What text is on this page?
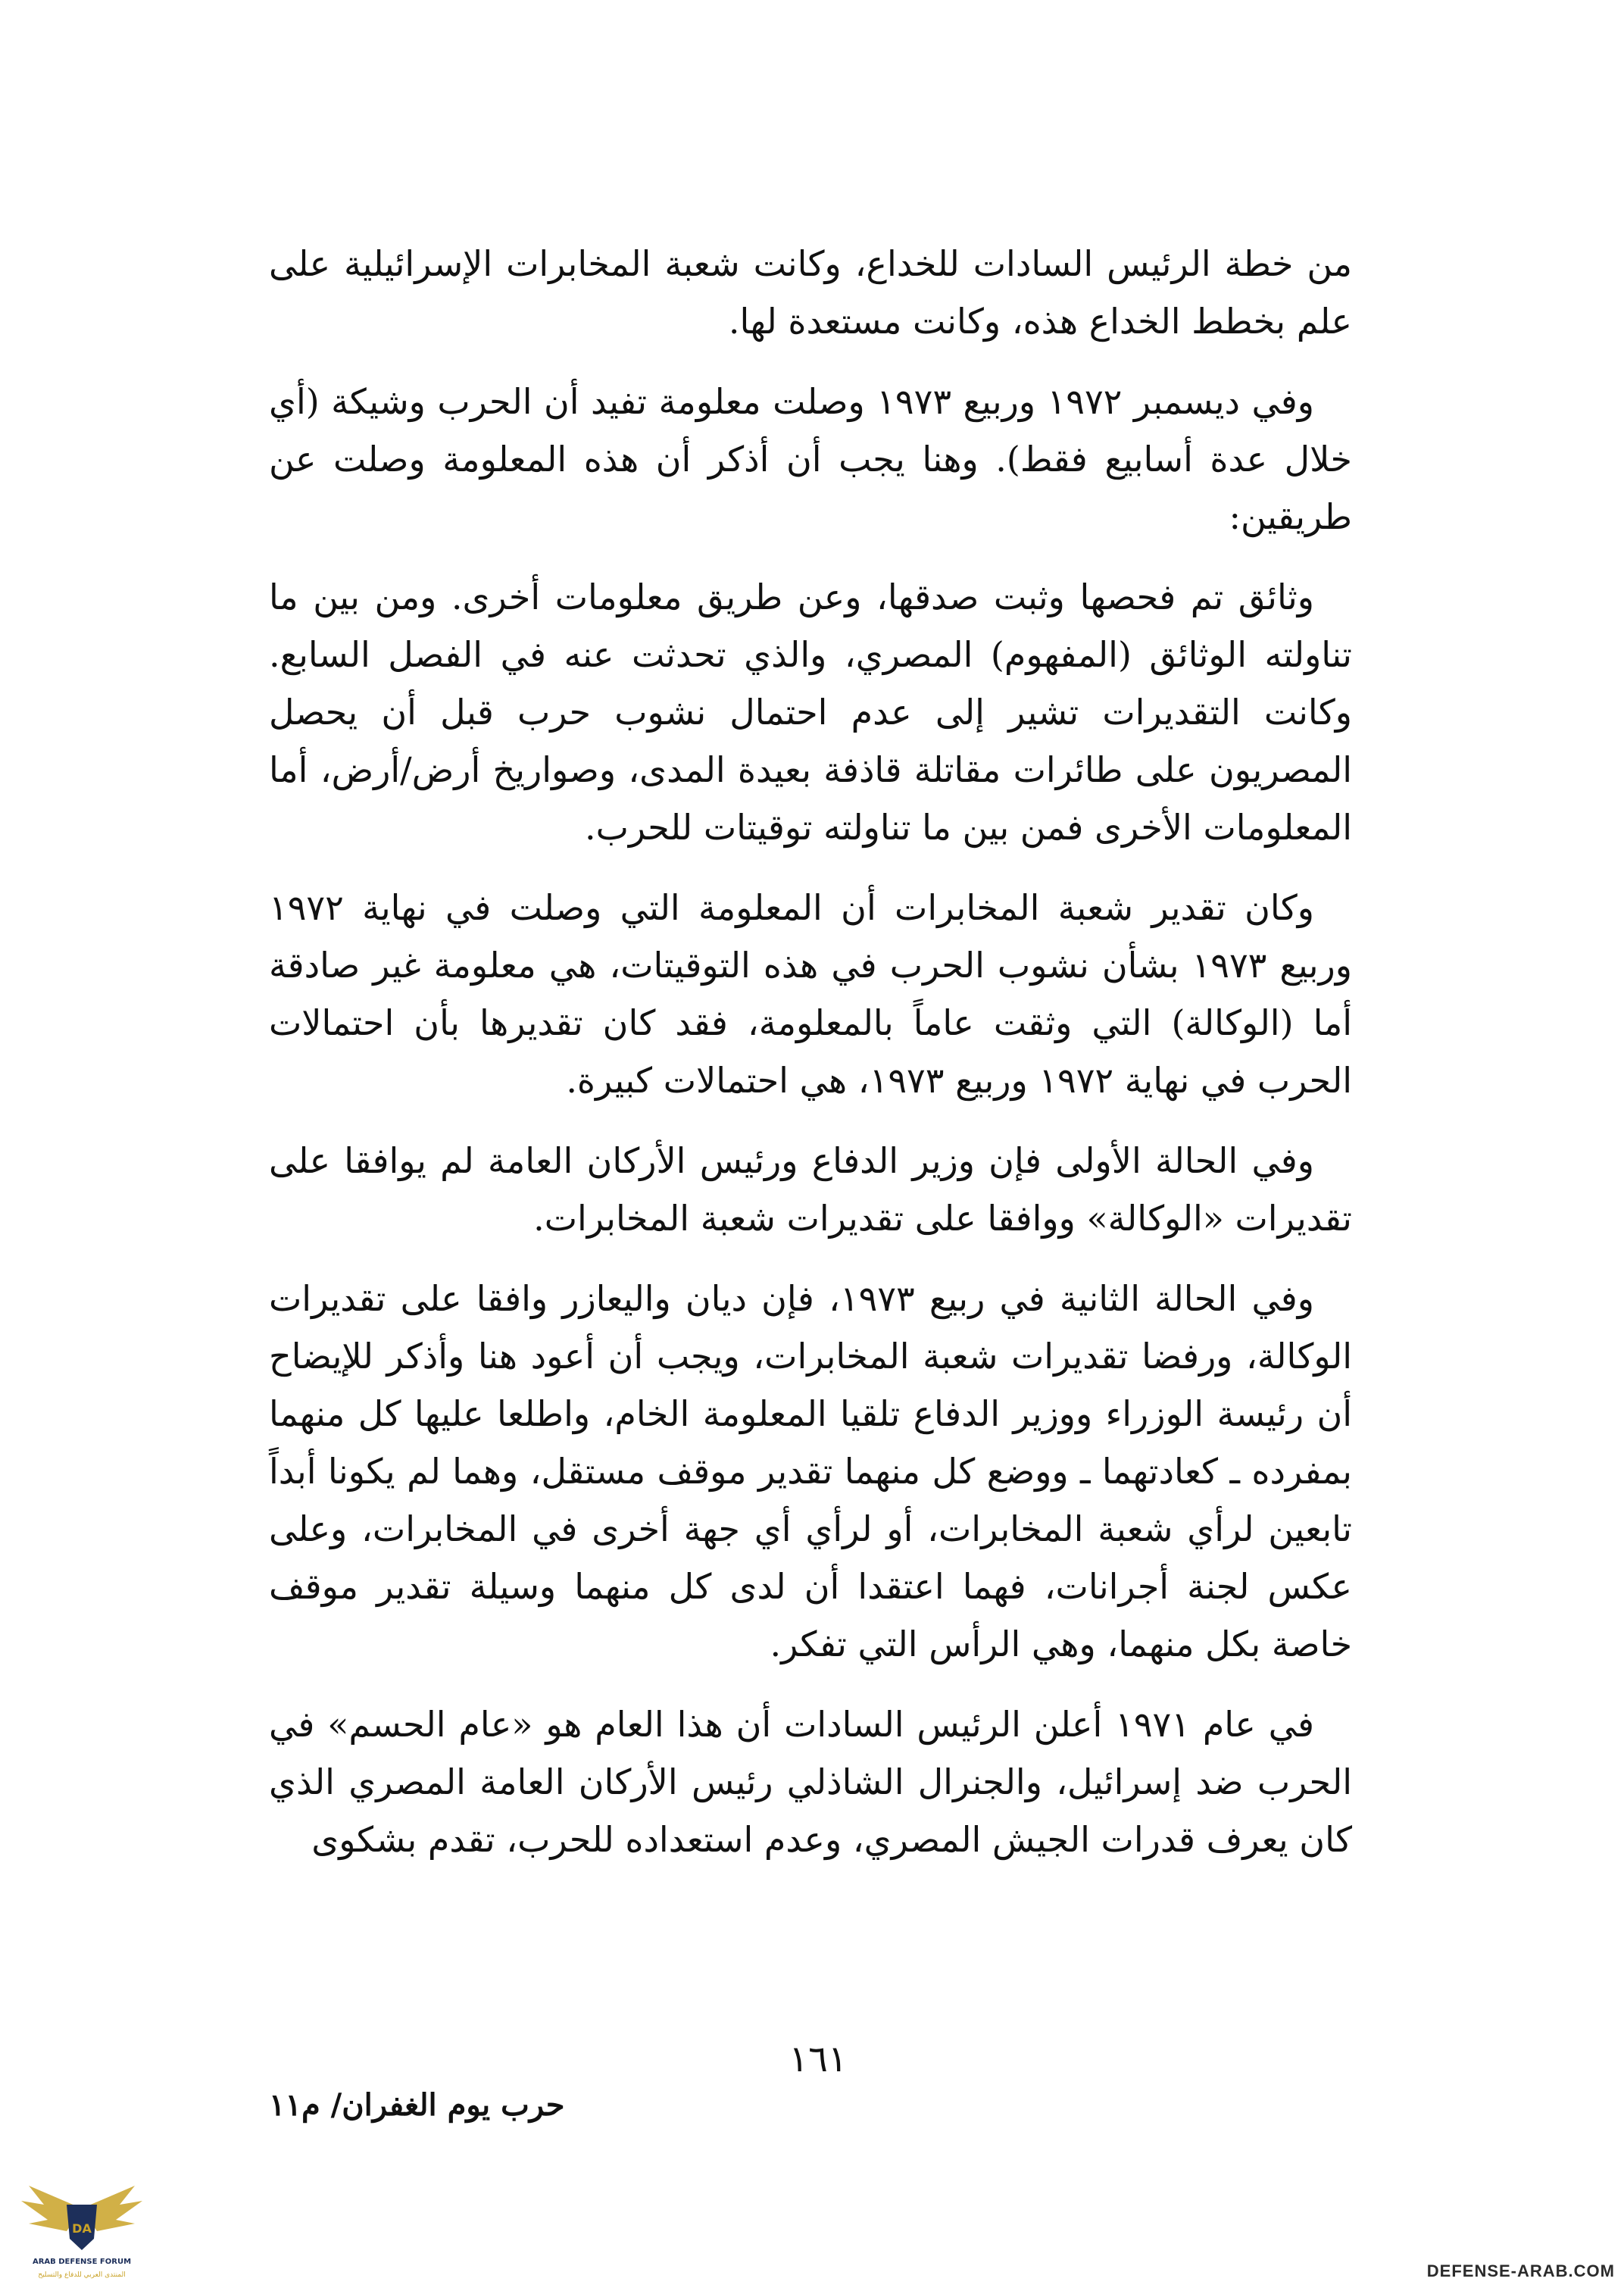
من خطة الرئيس السادات للخداع، وكانت شعبة المخابرات الإسرائيلية على علم بخطط الخداع هذه، وكانت مستعدة لها.

وفي ديسمبر ١٩٧٢ وربيع ١٩٧٣ وصلت معلومة تفيد أن الحرب وشيكة (أي خلال عدة أسابيع فقط). وهنا يجب أن أذكر أن هذه المعلومة وصلت عن طريقين:

وثائق تم فحصها وثبت صدقها، وعن طريق معلومات أخرى. ومن بين ما تناولته الوثائق (المفهوم) المصري، والذي تحدثت عنه في الفصل السابع. وكانت التقديرات تشير إلى عدم احتمال نشوب حرب قبل أن يحصل المصريون على طائرات مقاتلة قاذفة بعيدة المدى، وصواريخ أرض/أرض، أما المعلومات الأخرى فمن بين ما تناولته توقيتات للحرب.

وكان تقدير شعبة المخابرات أن المعلومة التي وصلت في نهاية ١٩٧٢ وربيع ١٩٧٣ بشأن نشوب الحرب في هذه التوقيتات، هي معلومة غير صادقة أما (الوكالة) التي وثقت عاماً بالمعلومة، فقد كان تقديرها بأن احتمالات الحرب في نهاية ١٩٧٢ وربيع ١٩٧٣، هي احتمالات كبيرة.

وفي الحالة الأولى فإن وزير الدفاع ورئيس الأركان العامة لم يوافقا على تقديرات «الوكالة» ووافقا على تقديرات شعبة المخابرات.

وفي الحالة الثانية في ربيع ١٩٧٣، فإن ديان واليعازر وافقا على تقديرات الوكالة، ورفضا تقديرات شعبة المخابرات، ويجب أن أعود هنا وأذكر للإيضاح أن رئيسة الوزراء ووزير الدفاع تلقيا المعلومة الخام، واطلعا عليها كل منهما بمفرده ـ كعادتهما ـ ووضع كل منهما تقدير موقف مستقل، وهما لم يكونا أبداً تابعين لرأي شعبة المخابرات، أو لرأي أي جهة أخرى في المخابرات، وعلى عكس لجنة أجرانات، فهما اعتقدا أن لدى كل منهما وسيلة تقدير موقف خاصة بكل منهما، وهي الرأس التي تفكر.

في عام ١٩٧١ أعلن الرئيس السادات أن هذا العام هو «عام الحسم» في الحرب ضد إسرائيل، والجنرال الشاذلي رئيس الأركان العامة المصري الذي كان يعرف قدرات الجيش المصري، وعدم استعداده للحرب، تقدم بشكوى

١٦١
حرب يوم الغفران/ م١١
DA
ARAB DEFENSE FORUM
المنتدى العربي للدفاع والتسليح	DEFENSE-ARAB.COM
